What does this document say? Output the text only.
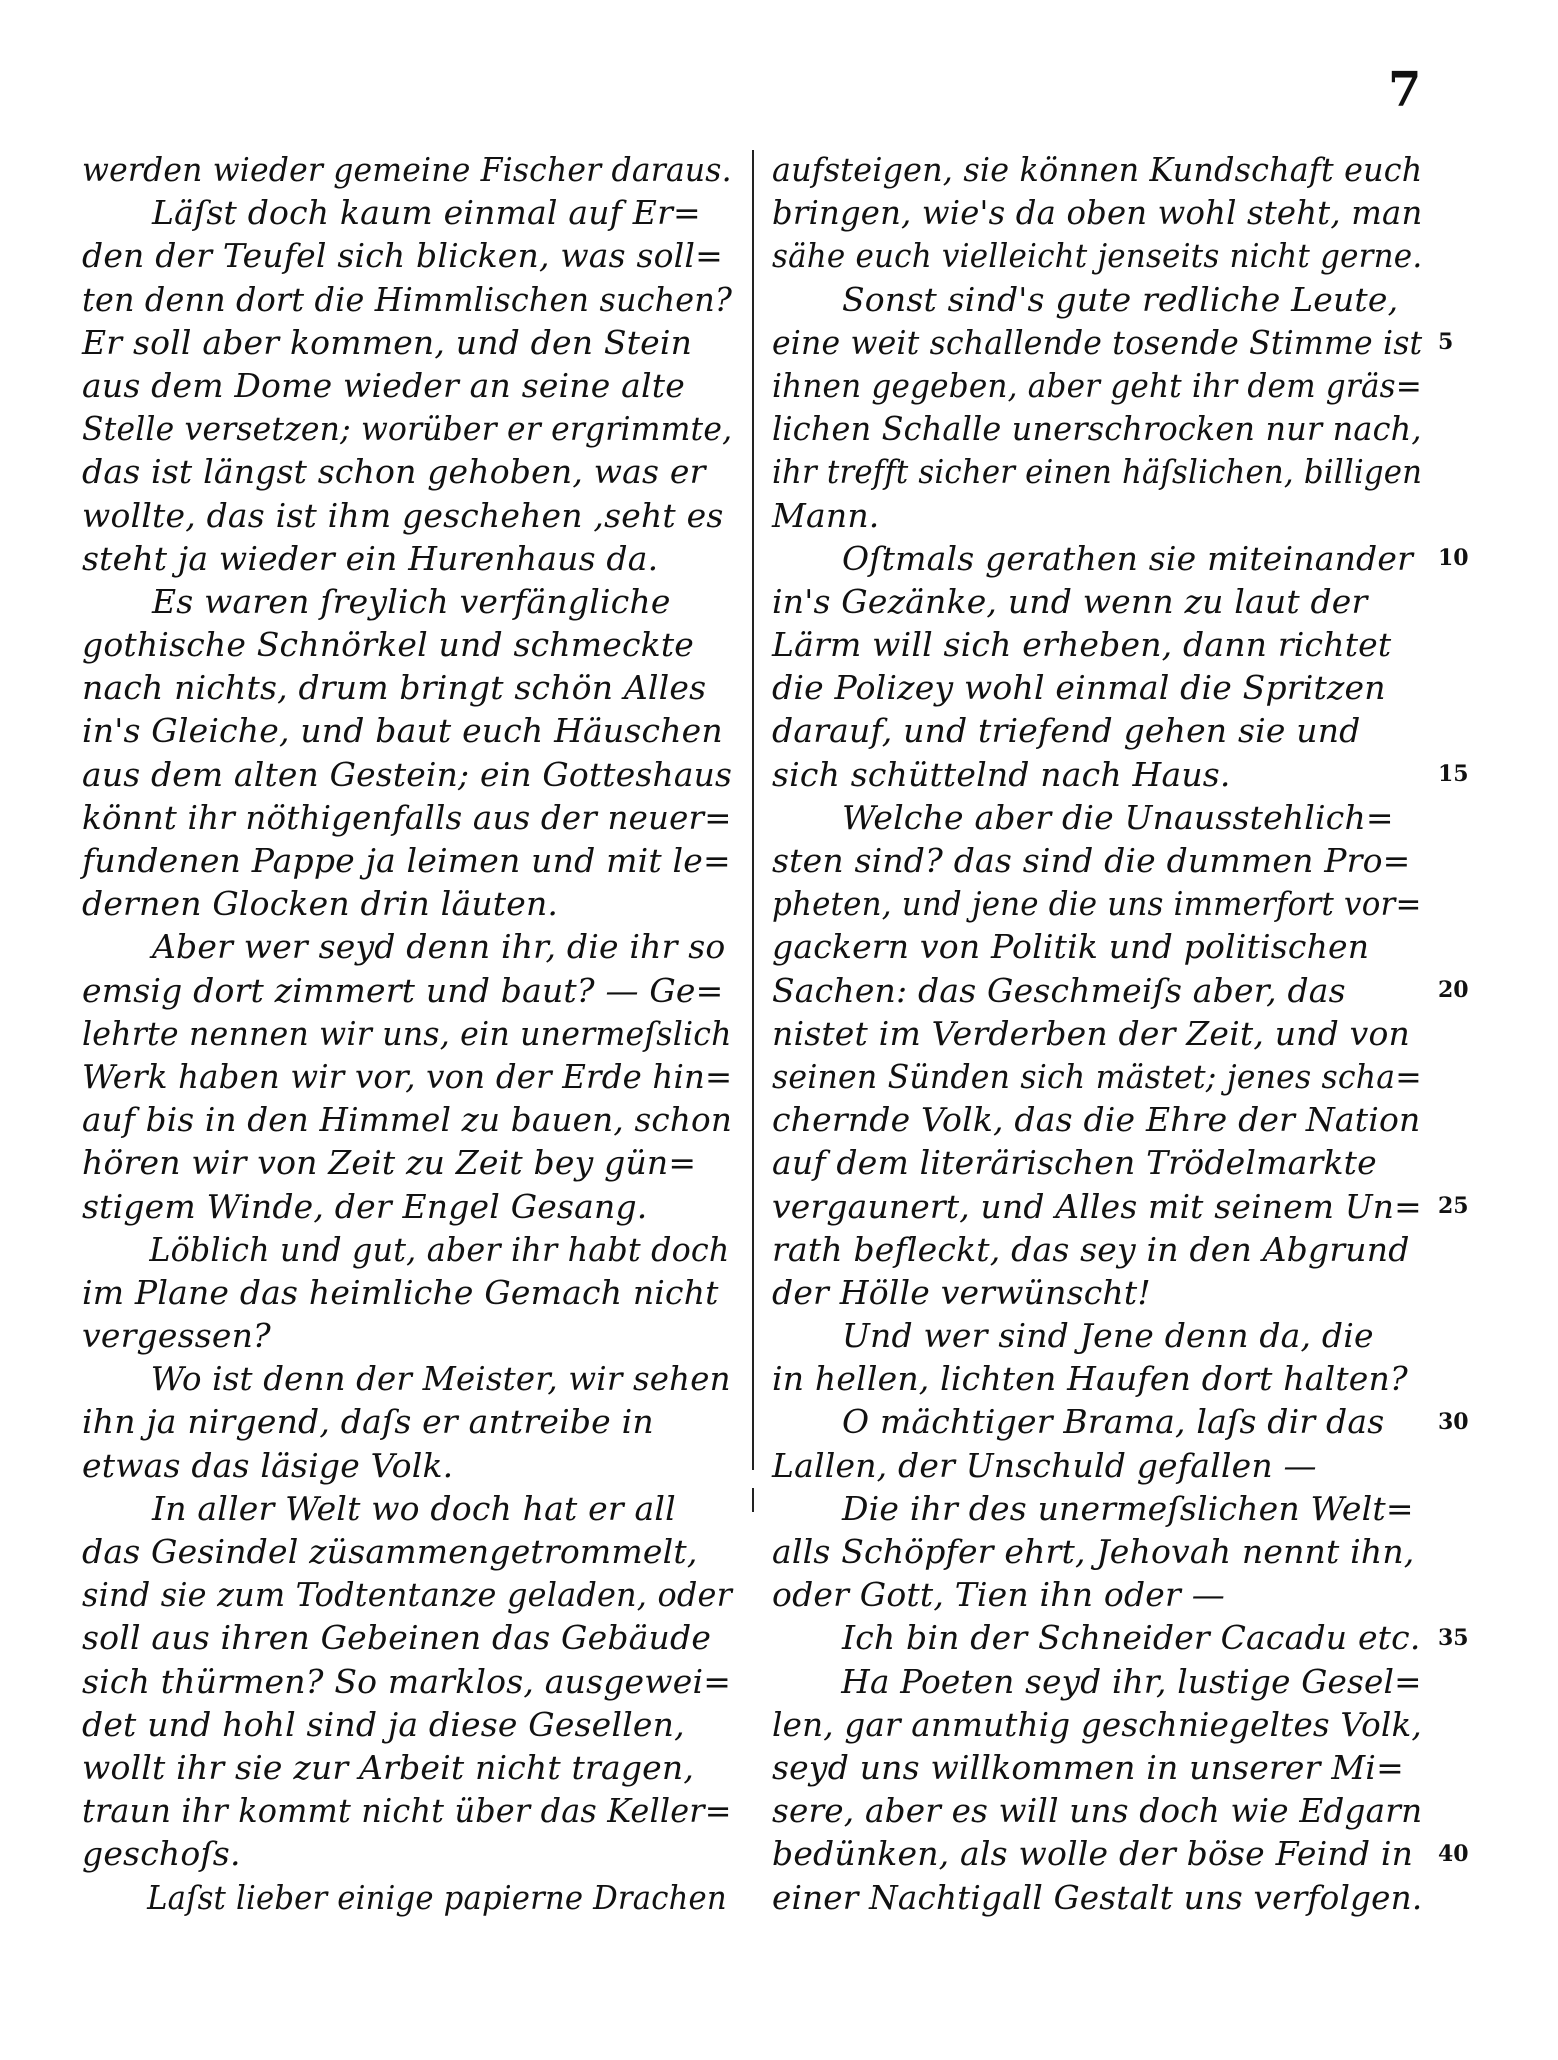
7
werden wieder gemeine Fischer daraus.
Läſst doch kaum einmal auf Er=
den der Teufel sich blicken, was soll=
ten denn dort die Himmlischen suchen?
Er soll aber kommen, und den Stein
aus dem Dome wieder an seine alte
Stelle versetzen; worüber er ergrimmte,
das ist längst schon gehoben, was er
wollte, das ist ihm geschehen ,seht es
steht ja wieder ein Hurenhaus da.
Es waren ſreylich verfängliche
gothische Schnörkel und schmeckte
nach nichts, drum bringt schön Alles
in's Gleiche, und baut euch Häuschen
aus dem alten Gestein; ein Gotteshaus
könnt ihr nöthigenfalls aus der neuer=
fundenen Pappe ja leimen und mit le=
dernen Glocken drin läuten.
Aber wer seyd denn ihr, die ihr so
emsig dort zimmert und baut? — Ge=
lehrte nennen wir uns, ein unermeſslich
Werk haben wir vor, von der Erde hin=
auf bis in den Himmel zu bauen, schon
hören wir von Zeit zu Zeit bey gün=
stigem Winde, der Engel Gesang.
Löblich und gut, aber ihr habt doch
im Plane das heimliche Gemach nicht
vergessen?
Wo ist denn der Meister, wir sehen
ihn ja nirgend, daſs er antreibe in
etwas das läsige Volk.
In aller Welt wo doch hat er all
das Gesindel züsammengetrommelt,
sind sie zum Todtentanze geladen, oder
soll aus ihren Gebeinen das Gebäude
sich thürmen? So marklos, ausgewei=
det und hohl sind ja diese Gesellen,
wollt ihr sie zur Arbeit nicht tragen,
traun ihr kommt nicht über das Keller=
geschoſs.
Laſst lieber einige papierne Drachen
aufsteigen, sie können Kundschaft euch
bringen, wie's da oben wohl steht, man
sähe euch vielleicht jenseits nicht gerne.
Sonst sind's gute redliche Leute,
eine weit schallende tosende Stimme ist
ihnen gegeben, aber geht ihr dem gräs=
lichen Schalle unerschrocken nur nach,
ihr trefft sicher einen häſslichen, billigen
Mann.
Oſtmals gerathen sie miteinander
in's Gezänke, und wenn zu laut der
Lärm will sich erheben, dann richtet
die Polizey wohl einmal die Spritzen
darauf, und triefend gehen sie und
sich schüttelnd nach Haus.
Welche aber die Unausstehlich=
sten sind? das sind die dummen Pro=
pheten, und jene die uns immerfort vor=
gackern von Politik und politischen
Sachen: das Geschmeiſs aber, das
nistet im Verderben der Zeit, und von
seinen Sünden sich mästet; jenes scha=
chernde Volk, das die Ehre der Nation
auf dem literärischen Trödelmarkte
vergaunert, und Alles mit seinem Un=
rath befleckt, das sey in den Abgrund
der Hölle verwünscht!
Und wer sind Jene denn da, die
in hellen, lichten Haufen dort halten?
O mächtiger Brama, laſs dir das
Lallen, der Unschuld gefallen —
Die ihr des unermeſslichen Welt=
alls Schöpfer ehrt, Jehovah nennt ihn,
oder Gott, Tien ihn oder —
Ich bin der Schneider Cacadu etc.
Ha Poeten seyd ihr, lustige Gesel=
len, gar anmuthig geschniegeltes Volk,
seyd uns willkommen in unserer Mi=
sere, aber es will uns doch wie Edgarn
bedünken, als wolle der böse Feind in
einer Nachtigall Gestalt uns verfolgen.
5
10
15
20
25
30
35
40
